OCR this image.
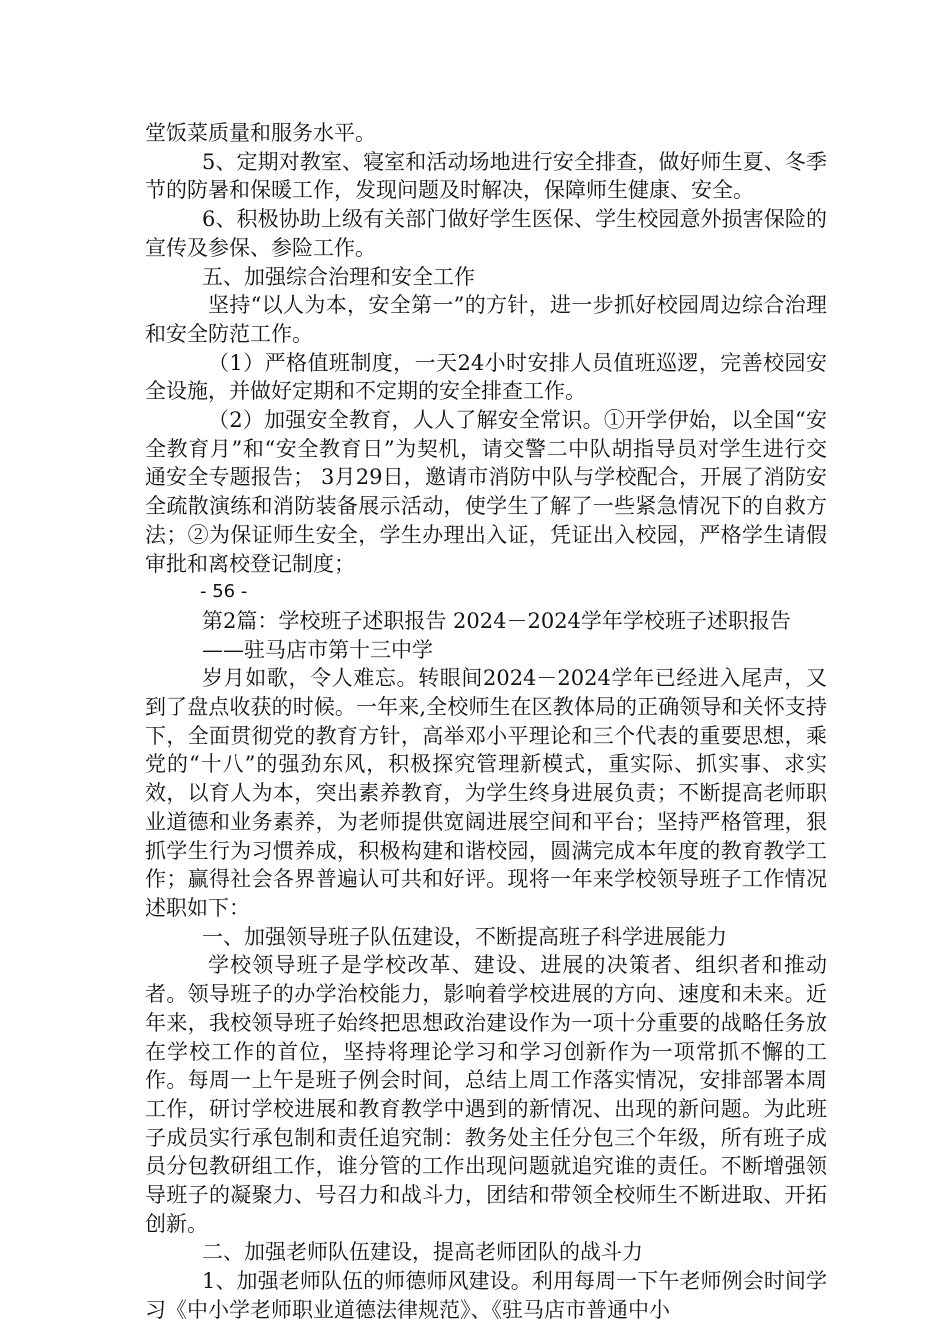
堂饭菜质量和服务水平。

5、定期对教室、寝室和活动场地进行安全排查，做好师生夏、冬季节的防暑和保暖工作，发现问题及时解决，保障师生健康、安全。

6、积极协助上级有关部门做好学生医保、学生校园意外损害保险的宣传及参保、参险工作。

五、加强综合治理和安全工作

坚持“以人为本，安全第一”的方针，进一步抓好校园周边综合治理和安全防范工作。

（1）严格值班制度，一天24小时安排人员值班巡逻，完善校园安全设施，并做好定期和不定期的安全排查工作。

（2）加强安全教育，人人了解安全常识。①开学伊始，以全国“安全教育月”和“安全教育日”为契机，请交警二中队胡指导员对学生进行交通安全专题报告； 3月29日，邀请市消防中队与学校配合，开展了消防安全疏散演练和消防装备展示活动，使学生了解了一些紧急情况下的自救方法；②为保证师生安全，学生办理出入证，凭证出入校园，严格学生请假审批和离校登记制度；

- 56 -

第2篇：学校班子述职报告 2024－2024学年学校班子述职报告

——驻马店市第十三中学

岁月如歌，令人难忘。转眼间2024－2024学年已经进入尾声，又到了盘点收获的时候。一年来,全校师生在区教体局的正确领导和关怀支持下，全面贯彻党的教育方针，高举邓小平理论和三个代表的重要思想，乘党的“十八”的强劲东风，积极探究管理新模式，重实际、抓实事、求实效，以育人为本，突出素养教育，为学生终身进展负责；不断提高老师职业道德和业务素养，为老师提供宽阔进展空间和平台；坚持严格管理，狠抓学生行为习惯养成，积极构建和谐校园，圆满完成本年度的教育教学工作；赢得社会各界普遍认可共和好评。现将一年来学校领导班子工作情况述职如下：

一、加强领导班子队伍建设，不断提高班子科学进展能力

学校领导班子是学校改革、建设、进展的决策者、组织者和推动者。领导班子的办学治校能力，影响着学校进展的方向、速度和未来。近年来，我校领导班子始终把思想政治建设作为一项十分重要的战略任务放在学校工作的首位，坚持将理论学习和学习创新作为一项常抓不懈的工作。每周一上午是班子例会时间，总结上周工作落实情况，安排部署本周工作，研讨学校进展和教育教学中遇到的新情况、出现的新问题。为此班子成员实行承包制和责任追究制：教务处主任分包三个年级，所有班子成员分包教研组工作，谁分管的工作出现问题就追究谁的责任。不断增强领导班子的凝聚力、号召力和战斗力，团结和带领全校师生不断进取、开拓创新。

二、加强老师队伍建设，提高老师团队的战斗力

1、加强老师队伍的师德师风建设。利用每周一下午老师例会时间学习《中小学老师职业道德法律规范》、《驻马店市普通中小
